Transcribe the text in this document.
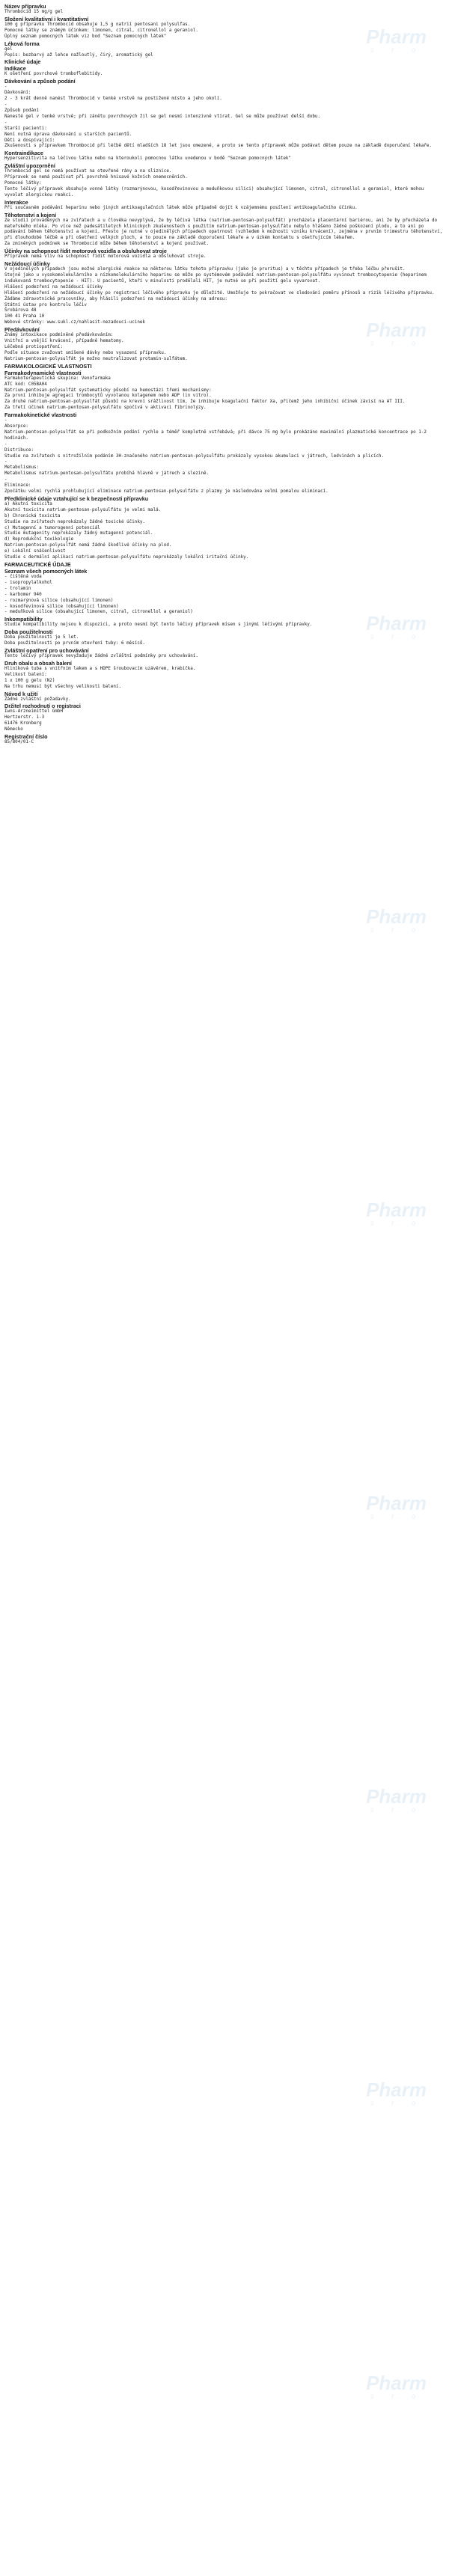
Pharm
s. r. o.
Pharm
s. r. o.
Pharm
s. r. o.
Pharm
s. r. o.
Pharm
s. r. o.
Pharm
s. r. o.
Pharm
s. r. o.
Pharm
s. r. o.
Pharm
s. r. o.

Název přípravku

Thrombocid 15 mg/g gel

Složení kvalitativní i kvantitativní

100 g přípravku Thrombocid obsahuje 1,5 g natrií pentosani polysulfas.
Pomocné látky se známým účinkem: limonen, citral, citronellol a geraniol.
Úplný seznam pomocných látek viz bod "Seznam pomocných látek"

Léková forma

gel
Popis: bezbarvý až lehce nažloutlý, čirý, aromatický gel

Klinické údaje

Indikace

K ošetření povrchové tromboflebitidy.

Dávkování a způsob podání

-
Dávkování:
2 - 3 krát denně nanést Thrombocid v tenké vrstvě na postižené místo a jeho okolí.
-
Způsob podání
Nanesté gel v tenké vrstvě; při zánětu povrchových žil se gel nesmí intenzivně vtírat. Gel se může používat delší dobu.
-
Starší pacienti:
Není nutná úprava dávkování u starších pacientů.
Děti a dospívající:
Zkušenosti s přípravkem Thrombocid při léčbě dětí mladších 18 let jsou omezené, a proto se tento přípravek může podávat dětem pouze na základě doporučení lékaře.

Kontraindikace

Hypersenzitivita na léčivou látku nebo na kteroukoli pomocnou látku uvedenou v bodě "Seznam pomocných látek"

Zvláštní upozornění

Thrombocid gel se nemá používat na otevřené rány a na sliznice.
Přípravek se nemá používat při povrchně hnisavé kožních onemocněních.
Pomocné látky:
Tento léčivý přípravek obsahuje vonné látky (rozmarýnovou, kosodřevinovou a meduňkovou silici) obsahující limonen, citral, citronellol a geraniol, které mohou vyvolat alergickou reakci.

Interakce

Při současném podávání heparinu nebo jiných antikoagulačních látek může případně dojít k vzájemnému posílení antikoagulačního účinku.

Těhotenství a kojení

Ze studií prováděných na zvířatech a u člověka nevyplývá, že by léčivá látka (natrium-pentosan-polysulfát) procházela placentární bariérou, ani že by přecházela do mateřského mléka. Po více než padesátiletých klinických zkušenostech s použitím natrium-pentosan-polysulfátu nebylo hlášeno žádné poškození plodu, a to ani po podávání během těhotenství a kojení. Přesto je nutné v ojedinělých případech opatrnost (vzhledem k možnosti vzniku krvácení), zejména v prvním trimestru těhotenství, při dlouhodobé léčbě a při ošetření velkých ploch, a to pouze na základě doporučení lékaře a v úzkém kontaktu s ošetřujícím lékařem.
Za zmíněných podmínek se Thrombocid může během těhotenství a kojení používat.

Účinky na schopnost řídit motorová vozidla a obsluhovat stroje

Přípravek nemá vliv na schopnost řídit motorová vozidla a obsluhovat stroje.

Nežádoucí účinky

V ojedinělých případech jsou možné alergické reakce na některou látku tohoto přípravku (jako je pruritus) a v těchto případech je třeba léčbu přerušit.
Stejně jako u vysokomolekulárního a nízkomolekulárního heparinu se může po systémovém podávání natrium-pentosan-polysulfátu vyvinout trombocytopenie (heparinem indukovaná trombocytopenie - HIT). U pacientů, kteří v minulosti prodělali HIT, je nutné se při použití gelu vyvarovat.

Hlášení podezření na nežádoucí účinky
Hlášení podezření na nežádoucí účinky po registraci léčivého přípravku je důležité. Umožňuje to pokračovat ve sledování poměru přínosů a rizik léčivého přípravku. Žádáme zdravotnické pracovníky, aby hlásili podezření na nežádoucí účinky na adresu:
Státní ústav pro kontrolu léčiv
Šrobárova 48
100 41 Praha 10
Webové stránky: www.sukl.cz/nahlasit-nezadouci-ucinek

Předávkování

Známý intoxikace podmíněné předávkováním:
Vnitřní a vnější krvácení, případně hematomy.
Léčebná protiopatření:
Podle situace zvažovat smíšené dávky nebo vysazení přípravku.
Natrium-pentosan-polysulfát je možno neutralizovat protamin-sulfátem.

FARMAKOLOGICKÉ VLASTNOSTI

Farmakodynamické vlastnosti

Farmakoterapeutická skupina: Venofarmaka
ATC kód: C05BA04
Natrium-pentosan-polysulfát systematicky působí na hemostázi třemi mechanismy:
Za první inhibuje agregaci trombocytů vyvolanou kolagenem nebo ADP (in vitro).
Za druhé natrium-pentosan-polysulfát působí na krevní srážlivost tím, že inhibuje koagulační faktor Xa, přičemž jeho inhibiční účinek závisí na AT III.
Za třetí účinek natrium-pentosan-polysulfátu spočívá v aktivaci fibrinolýzy.

Farmakokinetické vlastnosti

-
Absorpce:
Natrium-pentosan-polysulfát se při podkožním podání rychle a téměř kompletně vstřebává; při dávce 75 mg bylo prokázáno maximální plazmatické koncentrace po 1-2 hodinách.
-
Distribuce:
Studie na zvířatech s nitrožilním podáním 3H-značeného natrium-pentosan-polysulfátu prokázaly vysokou akumulaci v játrech, ledvinách a plicích.
-
Metabolismus:
Metabolismus natrium-pentosan-polysulfátu probíhá hlavně v játrech a slezině.
-
Eliminace:
Zpočátku velmi rychlá prohlubující eliminace natrium-pentosan-polysulfátu z plazmy je následována velmi pomalou eliminací.

Předklinické údaje vztahující se k bezpečnosti přípravku

a) Akutní toxicita
Akutní toxicita natrium-pentosan-polysulfátu je velmi malá.
b) Chronická toxicita
Studie na zvířatech neprokázaly žádné toxické účinky.
c) Mutagenní a tumorogenní potenciál
Studie mutagenity neprokázaly žádný mutagenní potenciál.
d) Reprodukční toxikologie
Natrium-pentosan-polysulfát nemá žádné škodlivé účinky na plod.
e) Lokální snášenlivost
Studie s dermální aplikací natrium-pentosan-polysulfátu neprokázaly lokální iritační účinky.

FARMACEUTICKÉ ÚDAJE

Seznam všech pomocných látek

- čištěná voda
- isopropylalkohol
- trolamin
- karbomer 940
- rozmarýnová silice (obsahující limonen)
- kosodřevinová silice (obsahující limonen)
- meduňková silice (obsahující limonen, citral, citronellol a geraniol)

Inkompatibility

Studie kompatibility nejsou k dispozici, a proto nesmí být tento léčivý přípravek mísen s jinými léčivými přípravky.

Doba použitelnosti

Doba použitelnosti je 5 let.
Doba použitelnosti po prvním otevření tuby: 6 měsíců.

Zvláštní opatření pro uchovávání

Tento léčivý přípravek nevyžaduje žádné zvláštní podmínky pro uchovávání.

Druh obalu a obsah balení

Hliníková tuba s vnitřním lakem a s HDPE šroubovacím uzávěrem, krabička.
Velikost balení:
1 x 100 g gelu (N2)
Na trhu nemusí být všechny velikosti balení.

Návod k užití

Žádné zvláštní požadavky.

Držitel rozhodnutí o registraci

Iwns-Arzneimittel GmbH
Hertzerstr. 1-3
61476 Kronberg
Německo

Registrační číslo

85/804/01-C
